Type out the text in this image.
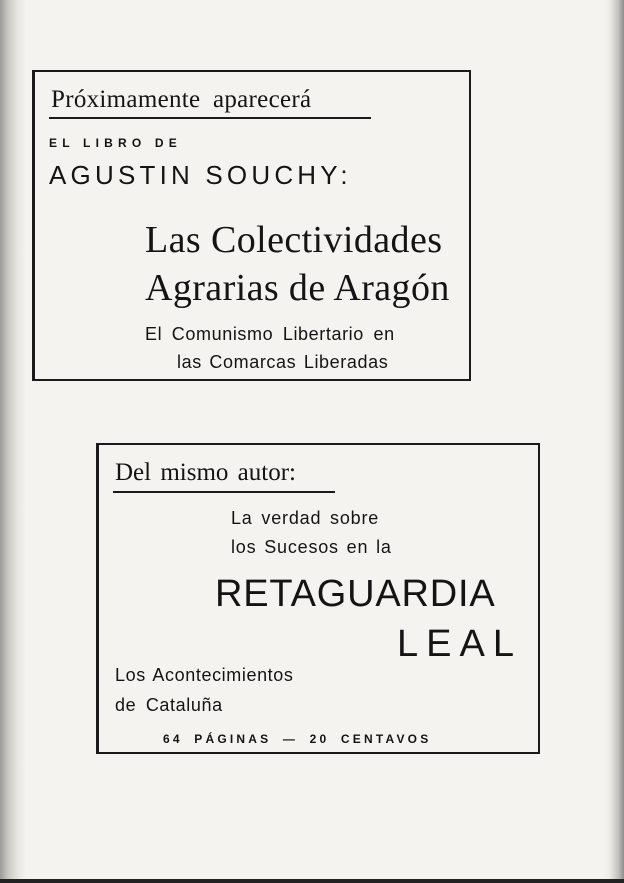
Próximamente aparecerá
EL LIBRO DE
AGUSTIN SOUCHY:
Las Colectividades
Agrarias de Aragón
El Comunismo Libertario en
las Comarcas Liberadas
Del mismo autor:
La verdad sobre
los Sucesos en la
RETAGUARDIA
LEAL
Los Acontecimientos
de Cataluña
64 PÁGINAS — 20 CENTAVOS
